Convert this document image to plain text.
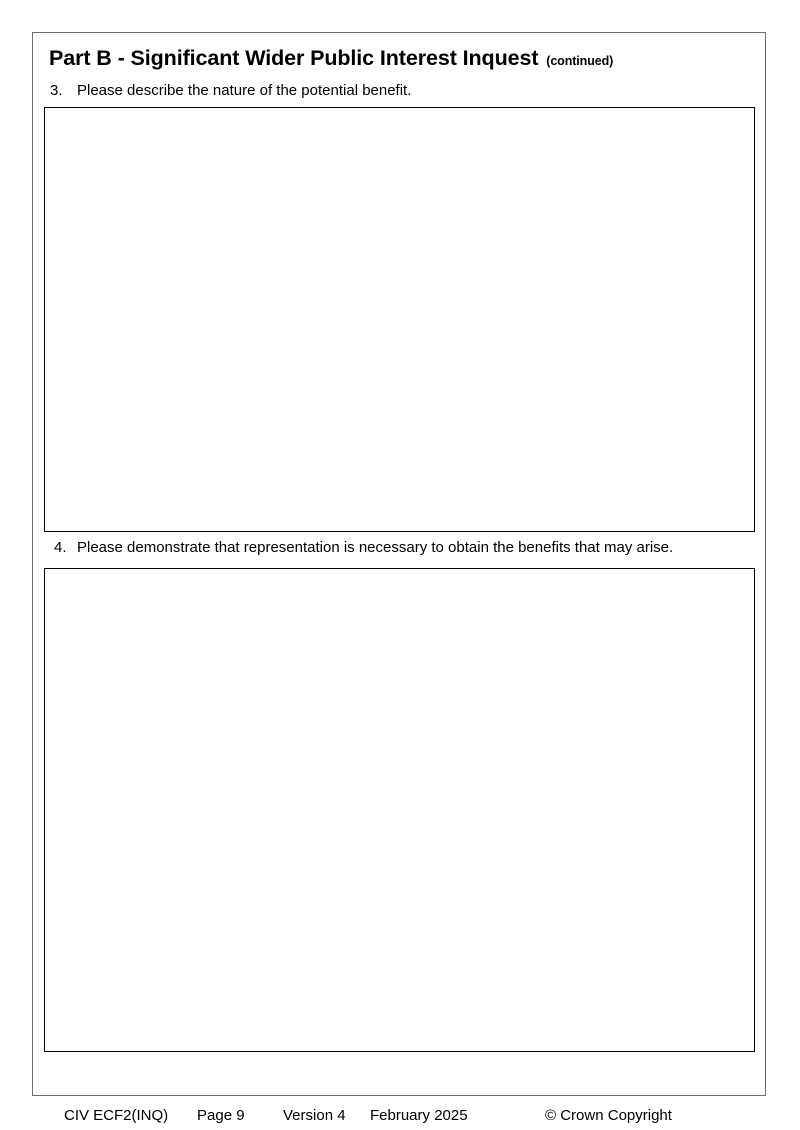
Part B - Significant Wider Public Interest Inquest (continued)
3. Please describe the nature of the potential benefit.
4. Please demonstrate that representation is necessary to obtain the benefits that may arise.
CIV ECF2(INQ) Page 9	Version 4 February 2025	© Crown Copyright
